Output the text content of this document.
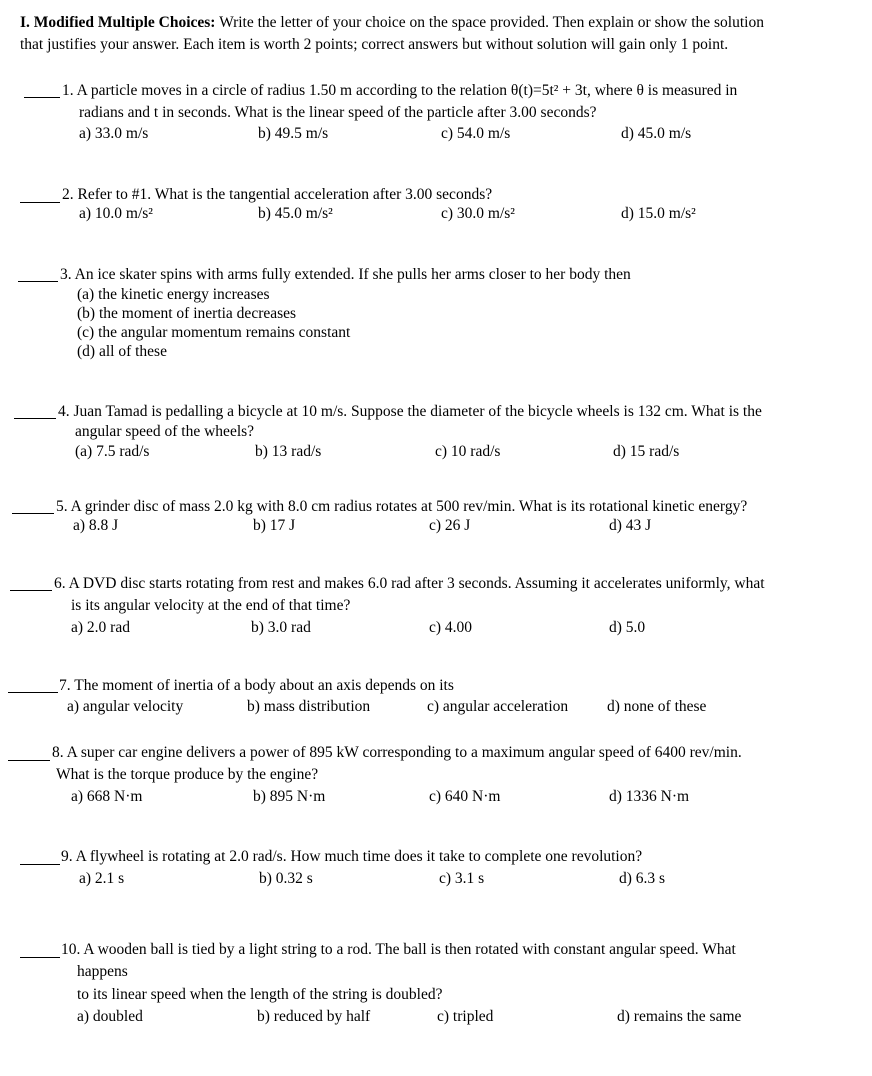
I. Modified Multiple Choices: Write the letter of your choice on the space provided. Then explain or show the solution
that justifies your answer. Each item is worth 2 points; correct answers but without solution will gain only 1 point.
1. A particle moves in a circle of radius 1.50 m according to the relation θ(t)=5t² + 3t, where θ is measured in
radians and t in seconds. What is the linear speed of the particle after 3.00 seconds?
a) 33.0 m/s	b) 49.5 m/s	c) 54.0 m/s	d) 45.0 m/s
2. Refer to #1. What is the tangential acceleration after 3.00 seconds?
a) 10.0 m/s²	b) 45.0 m/s²	c) 30.0 m/s²	d) 15.0 m/s²
3. An ice skater spins with arms fully extended. If she pulls her arms closer to her body then
(a) the kinetic energy increases
(b) the moment of inertia decreases
(c) the angular momentum remains constant
(d) all of these
4. Juan Tamad is pedalling a bicycle at 10 m/s. Suppose the diameter of the bicycle wheels is 132 cm. What is the
angular speed of the wheels?
(a) 7.5 rad/s	b) 13 rad/s	c) 10 rad/s	d) 15 rad/s
5. A grinder disc of mass 2.0 kg with 8.0 cm radius rotates at 500 rev/min. What is its rotational kinetic energy?
a) 8.8 J	b) 17 J	c) 26 J	d) 43 J
6. A DVD disc starts rotating from rest and makes 6.0 rad after 3 seconds. Assuming it accelerates uniformly, what
is its angular velocity at the end of that time?
a) 2.0 rad	b) 3.0 rad	c) 4.00	d) 5.0
7. The moment of inertia of a body about an axis depends on its
a) angular velocity	b) mass distribution	c) angular acceleration	d) none of these
8. A super car engine delivers a power of 895 kW corresponding to a maximum angular speed of 6400 rev/min.
What is the torque produce by the engine?
a) 668 N·m	b) 895 N·m	c) 640 N·m	d) 1336 N·m
9. A flywheel is rotating at 2.0 rad/s. How much time does it take to complete one revolution?
a) 2.1 s	b) 0.32 s	c) 3.1 s	d) 6.3 s
10. A wooden ball is tied by a light string to a rod. The ball is then rotated with constant angular speed. What
happens
to its linear speed when the length of the string is doubled?
a) doubled	b) reduced by half	c) tripled	d) remains the same
